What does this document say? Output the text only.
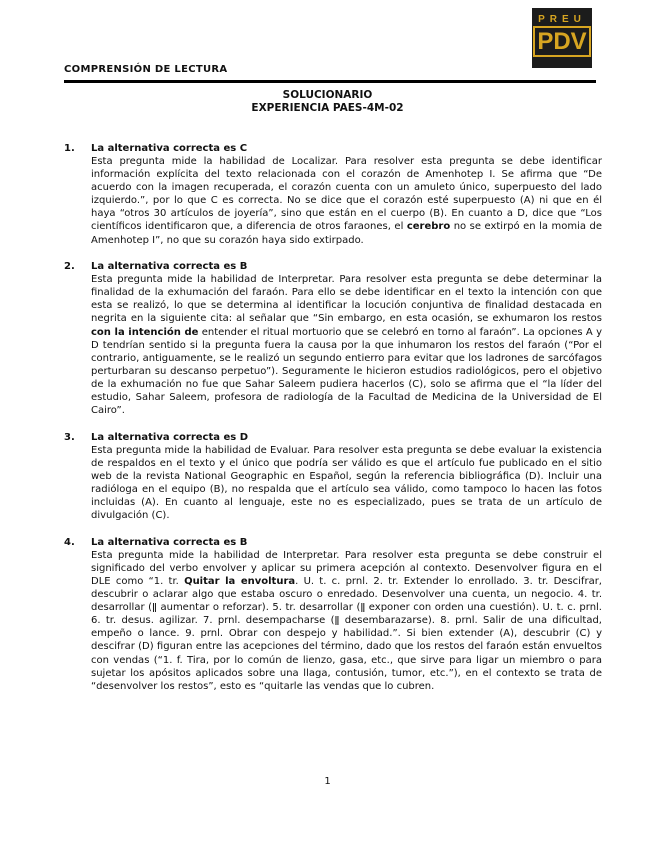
PREU
PDV
COMPRENSIÓN DE LECTURA
SOLUCIONARIO
EXPERIENCIA PAES-4M-02
1. La alternativa correcta es C
Esta pregunta mide la habilidad de Localizar. Para resolver esta pregunta se debe identificar información explícita del texto relacionada con el corazón de Amenhotep I. Se afirma que “De acuerdo con la imagen recuperada, el corazón cuenta con un amuleto único, superpuesto del lado izquierdo.”, por lo que C es correcta. No se dice que el corazón esté superpuesto (A) ni que en él haya “otros 30 artículos de joyería”, sino que están en el cuerpo (B). En cuanto a D, dice que “Los científicos identificaron que, a diferencia de otros faraones, el cerebro no se extirpó en la momia de Amenhotep I”, no que su corazón haya sido extirpado.
2. La alternativa correcta es B
Esta pregunta mide la habilidad de Interpretar. Para resolver esta pregunta se debe determinar la finalidad de la exhumación del faraón. Para ello se debe identificar en el texto la intención con que esta se realizó, lo que se determina al identificar la locución conjuntiva de finalidad destacada en negrita en la siguiente cita: al señalar que “Sin embargo, en esta ocasión, se exhumaron los restos con la intención de entender el ritual mortuorio que se celebró en torno al faraón”. La opciones A y D tendrían sentido si la pregunta fuera la causa por la que inhumaron los restos del faraón (“Por el contrario, antiguamente, se le realizó un segundo entierro para evitar que los ladrones de sarcófagos perturbaran su descanso perpetuo”). Seguramente le hicieron estudios radiológicos, pero el objetivo de la exhumación no fue que Sahar Saleem pudiera hacerlos (C), solo se afirma que el “la líder del estudio, Sahar Saleem, profesora de radiología de la Facultad de Medicina de la Universidad de El Cairo”.
3. La alternativa correcta es D
Esta pregunta mide la habilidad de Evaluar. Para resolver esta pregunta se debe evaluar la existencia de respaldos en el texto y el único que podría ser válido es que el artículo fue publicado en el sitio web de la revista National Geographic en Español, según la referencia bibliográfica (D). Incluir una radióloga en el equipo (B), no respalda que el artículo sea válido, como tampoco lo hacen las fotos incluidas (A). En cuanto al lenguaje, este no es especializado, pues se trata de un artículo de divulgación (C).
4. La alternativa correcta es B
Esta pregunta mide la habilidad de Interpretar. Para resolver esta pregunta se debe construir el significado del verbo envolver y aplicar su primera acepción al contexto. Desenvolver figura en el DLE como “1. tr. Quitar la envoltura. U. t. c. prnl. 2. tr. Extender lo enrollado. 3. tr. Descifrar, descubrir o aclarar algo que estaba oscuro o enredado. Desenvolver una cuenta, un negocio. 4. tr. desarrollar (ǁ aumentar o reforzar). 5. tr. desarrollar (ǁ exponer con orden una cuestión). U. t. c. prnl. 6. tr. desus. agilizar. 7. prnl. desempacharse (ǁ desembarazarse). 8. prnl. Salir de una dificultad, empeño o lance. 9. prnl. Obrar con despejo y habilidad.”. Si bien extender (A), descubrir (C) y descifrar (D) figuran entre las acepciones del término, dado que los restos del faraón están envueltos con vendas (“1. f. Tira, por lo común de lienzo, gasa, etc., que sirve para ligar un miembro o para sujetar los apósitos aplicados sobre una llaga, contusión, tumor, etc.”), en el contexto se trata de “desenvolver los restos”, esto es “quitarle las vendas que lo cubren.
1
